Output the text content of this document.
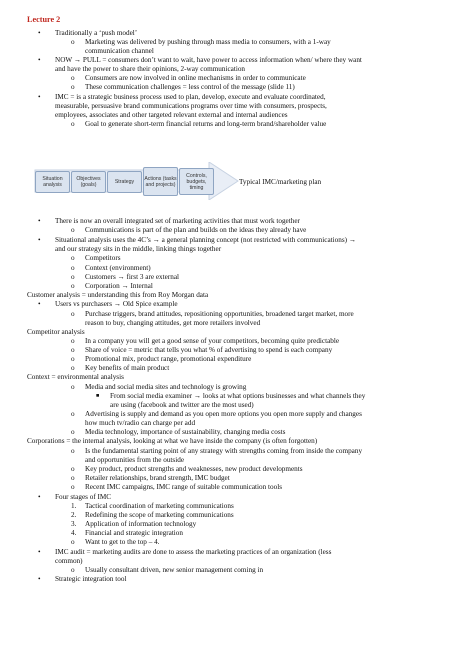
Lecture 2
• Traditionally a ‘push model’
o Marketing was delivered by pushing through mass media to consumers, with a 1-way
communication channel
• NOW → PULL = consumers don’t want to wait, have power to access information when/ where they want
and have the power to share their opinions, 2-way communication
o Consumers are now involved in online mechanisms in order to communicate
o These communication challenges = less control of the message (slide 11)
• IMC = is a strategic business process used to plan, develop, execute and evaluate coordinated,
measurable, persuasive brand communications programs over time with consumers, prospects,
employees, associates and other targeted relevant external and internal audiences
o Goal to generate short-term financial returns and long-term brand/shareholder value
Situation analysis
Objectives (goals)	Strategy
Actions (tasks and projects)
Controls, budgets, timing
Typical IMC/marketing plan
• There is now an overall integrated set of marketing activities that must work together
o Communications is part of the plan and builds on the ideas they already have
• Situational analysis uses the 4C’s → a general planning concept (not restricted with communications) →
and our strategy sits in the middle, linking things together
o Competitors
o Context (environment)
o Customers → first 3 are external
o Corporation → Internal
Customer analysis = understanding this from Roy Morgan data
• Users vs purchasers → Old Spice example
o Purchase triggers, brand attitudes, repositioning opportunities, broadened target market, more
reason to buy, changing attitudes, get more retailers involved
Competitor analysis
o In a company you will get a good sense of your competitors, becoming quite predictable
o Share of voice = metric that tells you what % of advertising to spend is each company
o Promotional mix, product range, promotional expenditure
o Key benefits of main product
Context = environmental analysis
o Media and social media sites and technology is growing
■ From social media examiner → looks at what options businesses and what channels they
are using (facebook and twitter are the most used)
o Advertising is supply and demand as you open more options you open more supply and changes
how much tv/radio can charge per add
o Media technology, importance of sustainability, changing media costs
Corporations = the internal analysis, looking at what we have inside the company (is often forgotten)
o Is the fundamental starting point of any strategy with strengths coming from inside the company
and opportunities from the outside
o Key product, product strengths and weaknesses, new product developments
o Retailer relationships, brand strength, IMC budget
o Recent IMC campaigns, IMC range of suitable communication tools
• Four stages of IMC
1. Tactical coordination of marketing communications
2. Redefining the scope of marketing communications
3. Application of information technology
4. Financial and strategic integration
o Want to get to the top – 4.
• IMC audit = marketing audits are done to assess the marketing practices of an organization (less
common)
o Usually consultant driven, new senior management coming in
• Strategic integration tool
